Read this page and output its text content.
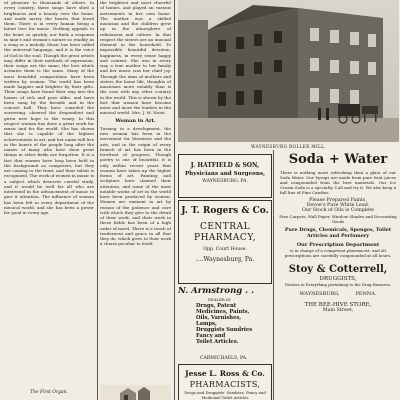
of pleasure to thousands of others. In every country, these songs have shed a brightness and a beauty over the home, and made merry the hearts that loved them. There is in every human being a latent love for music. Nothing appeals to the heart so quickly, nor finds a response in man's and woman's nature so readily as a song or a melody. Music has been called the universal language, and it is the voice of God in the soul. Though the great artists may differ in their methods of expression, their songs are the same; the love which actuates them is the same. Many of the most beautiful compositions have been written by women. The world has been made happier and brighter by their gifts. Their songs have found their way into the homes of rich and poor alike, and have been sung by the fireside and in the concert hall. They have consoled the sorrowing, cheered the despondent and given new hope to the weary. In this respect woman has done a great work for music and for the world. She has shown that she is capable of the highest achievements in art, and her name will live in the hearts of the people long after the names of many who have done great things in other fields are forgotten. It is a fact that women have long been held in the background as composers, but they are coming to the front, and their talent is recognized. The work of women in music is a subject which deserves careful study, and it would be well for all who are interested in the advancement of music to give it attention. The influence of woman has been felt in every department of the musical world, and she has been a power for good in every age.

The First Organ.

the brightest and most cheerful of homes, and played on various instruments in her own home. The mother was a skilled musician and the children grew up in the atmosphere of refinement and culture. In that respect the sisters are an unusual element in the household. To impossible beautiful devotion, happiness, in every sense happy and content. She was in every way a true mother to her family and her music was her chief joy. Through the aims of mothers and sisters the home life, thoughts of musicians more notably than is the case with any other country in the world. This is shown by the fact that women have become more and more the leaders in the musical world. Mrs. J. M. Hoist.

Woman in Art.

Turning to a development, the new woman has been in the movement for literature and the arts, and in the origin of every branch of art has been in the forefront of progress. Though poetry is one of beautiful, it is only within recent years that women have taken up the higher forms of art. Painting and sculpture have claimed their attention, and some of the most notable works of art in the world have been produced by women. Women are eminent in art by reason of the patience and care with which they give to the detail of their work, and their work in these fields has been of a high order of merit. There is a touch of tenderness and grace in all that they do, which gives to their work a charm peculiar to itself.

WAYNESBURG ROLLER MILL.
J. HATFIELD & SON,
Physicians and Surgeons,
WAYNESBURG, PA.
J. T. Rogers & Co.
CENTRAL
PHARMACY,
Opp. Court House.
....Waynesburg, Pa.
N. Armstrong . .
DEALER IN
Drugs, Patent
Medicines, Paints,
Oils, Varnishes,
Lamps,
Druggists Sundries
Fancy and
Toilet Articles.
CARMICHAELS, PA.
Jesse L. Ross & Co.
PHARMACISTS,
Drugs and Druggists' Sundries, Fancy and Medicinal Toilet Articles
Soda + Water
There is nothing more refreshing than a glass of our Soda Water. Our Syrups are made from pure fruit juices and compounded from the best materials. Our Ice Cream Soda is a specialty. Call and try it. We also keep a full line of Fine Candies.
Please Prepared Paints,
Devoe's Pure White Lead,
Our Stock of Oils is Complete
Fine Carpets, Wall Paper, Window Shades and Decorating Goods
Pure Drugs, Chemicals, Sponges, Toilet Articles and Perfumery
Our Prescription Department
is in charge of a competent pharmacist, and all prescriptions are carefully compounded at all hours.
Stoy & Cotterrell,
DRUGGISTS,
Dealers in Everything pertaining to the Drug Business.
WAYNESBURG,          PENNA.
THE BEE-HIVE STORE,
Main Street,
